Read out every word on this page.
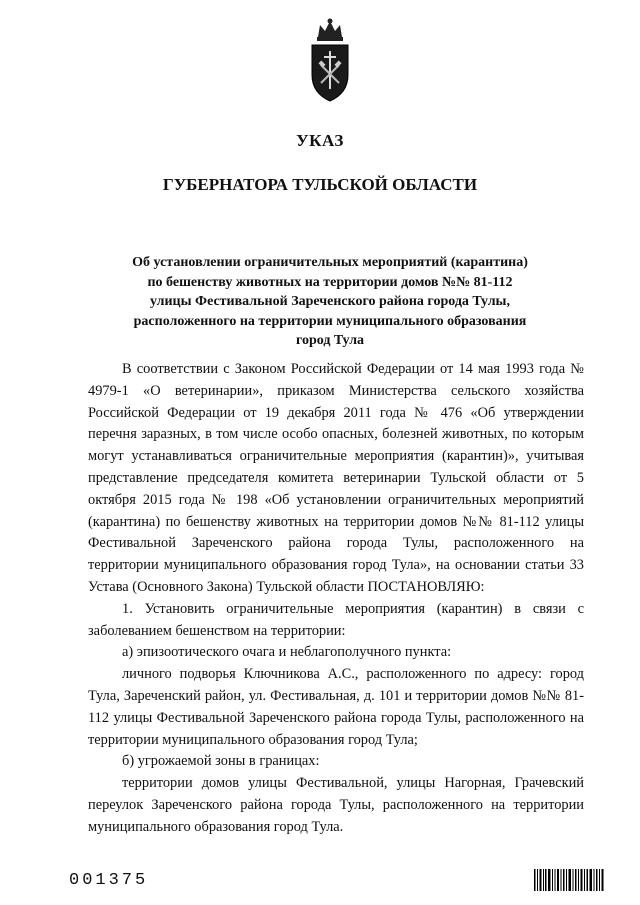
УКАЗ
ГУБЕРНАТОРА ТУЛЬСКОЙ ОБЛАСТИ
Об установлении ограничительных мероприятий (карантина)
по бешенству животных на территории домов №№ 81-112
улицы Фестивальной Зареченского района города Тулы,
расположенного на территории муниципального образования
город Тула

В соответствии с Законом Российской Федерации от 14 мая 1993 года № 4979-1 «О ветеринарии», приказом Министерства сельского хозяйства Российской Федерации от 19 декабря 2011 года № 476 «Об утверждении перечня заразных, в том числе особо опасных, болезней животных, по которым могут устанавливаться ограничительные мероприятия (карантин)», учитывая представление председателя комитета ветеринарии Тульской области от 5 октября 2015 года № 198 «Об установлении ограничительных мероприятий (карантина) по бешенству животных на территории домов №№ 81-112 улицы Фестивальной Зареченского района города Тулы, расположенного на территории муниципального образования город Тула», на основании статьи 33 Устава (Основного Закона) Тульской области ПОСТАНОВЛЯЮ:

1. Установить ограничительные мероприятия (карантин) в связи с заболеванием бешенством на территории:

а) эпизоотического очага и неблагополучного пункта:

личного подворья Ключникова А.С., расположенного по адресу: город Тула, Зареченский район, ул. Фестивальная, д. 101 и территории домов №№ 81-112 улицы Фестивальной Зареченского района города Тулы, расположенного на территории муниципального образования город Тула;

б) угрожаемой зоны в границах:

территории домов улицы Фестивальной, улицы Нагорная, Грачевский переулок Зареченского района города Тулы, расположенного на территории муниципального образования город Тула.

001375
